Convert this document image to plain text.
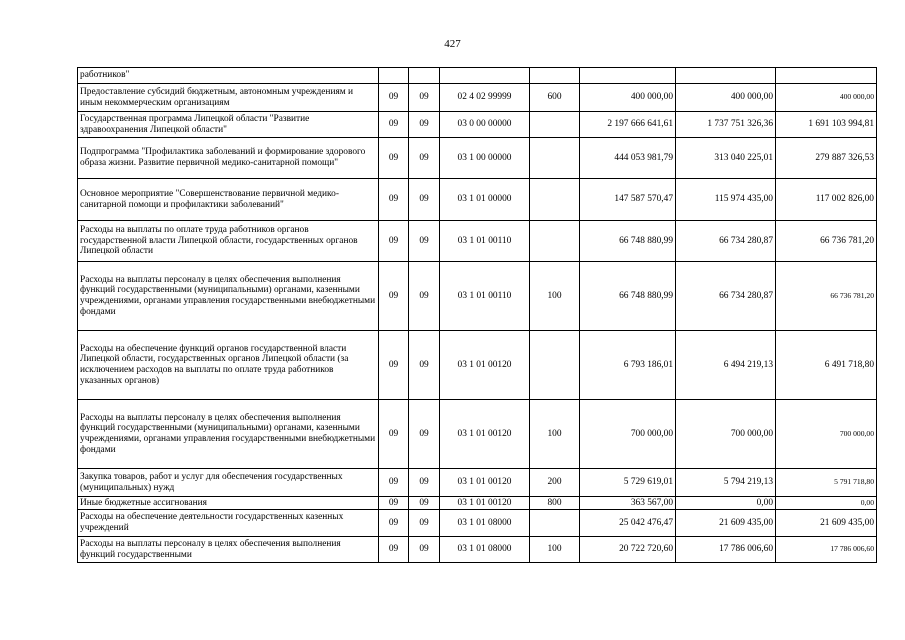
427
работников"							
Предоставление субсидий бюджетным, автономным учреждениям и иным некоммерческим организациям	09	09	02 4 02 99999	600	400 000,00	400 000,00	400 000,00
Государственная программа Липецкой области "Развитие здравоохранения Липецкой области"	09	09	03 0 00 00000		2 197 666 641,61	1 737 751 326,36	1 691 103 994,81
Подпрограмма "Профилактика заболеваний и формирование здорового образа жизни. Развитие первичной медико-санитарной помощи"	09	09	03 1 00 00000		444 053 981,79	313 040 225,01	279 887 326,53
Основное мероприятие "Совершенствование первичной медико-санитарной помощи и профилактики заболеваний"	09	09	03 1 01 00000		147 587 570,47	115 974 435,00	117 002 826,00
Расходы на выплаты по оплате труда работников органов государственной власти Липецкой области, государственных органов Липецкой области	09	09	03 1 01 00110		66 748 880,99	66 734 280,87	66 736 781,20
Расходы на выплаты персоналу в целях обеспечения выполнения функций государственными (муниципальными) органами, казенными учреждениями, органами управления государственными внебюджетными фондами	09	09	03 1 01 00110	100	66 748 880,99	66 734 280,87	66 736 781,20
Расходы на обеспечение функций органов государственной власти Липецкой области, государственных органов Липецкой области (за исключением расходов на выплаты по оплате труда работников указанных органов)	09	09	03 1 01 00120		6 793 186,01	6 494 219,13	6 491 718,80
Расходы на выплаты персоналу в целях обеспечения выполнения функций государственными (муниципальными) органами, казенными учреждениями, органами управления государственными внебюджетными фондами	09	09	03 1 01 00120	100	700 000,00	700 000,00	700 000,00
Закупка товаров, работ и услуг для обеспечения государственных (муниципальных) нужд	09	09	03 1 01 00120	200	5 729 619,01	5 794 219,13	5 791 718,80
Иные бюджетные ассигнования	09	09	03 1 01 00120	800	363 567,00	0,00	0,00
Расходы на обеспечение деятельности государственных казенных учреждений	09	09	03 1 01 08000		25 042 476,47	21 609 435,00	21 609 435,00
Расходы на выплаты персоналу в целях обеспечения выполнения функций государственными	09	09	03 1 01 08000	100	20 722 720,60	17 786 006,60	17 786 006,60
